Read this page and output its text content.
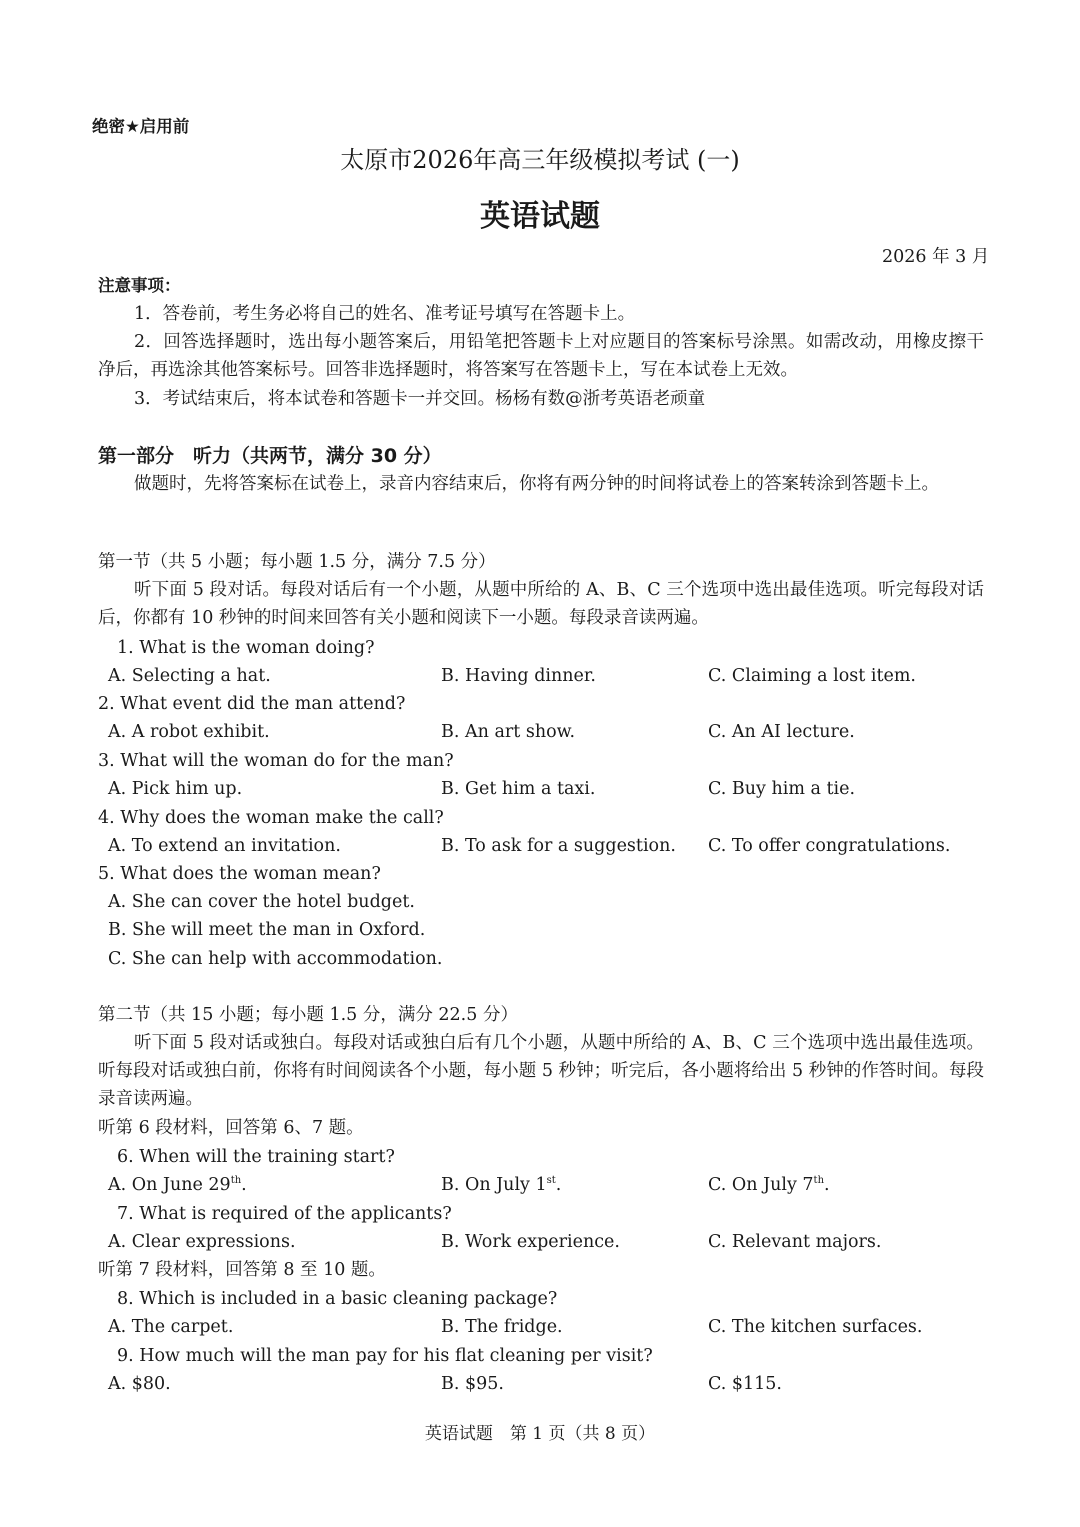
绝密★启用前
太原市2026年高三年级模拟考试 (一)
英语试题
2026 年 3 月
注意事项：
1．答卷前，考生务必将自己的姓名、准考证号填写在答题卡上。
2．回答选择题时，选出每小题答案后，用铅笔把答题卡上对应题目的答案标号涂黑。如需改动，用橡皮擦干净后，再选涂其他答案标号。回答非选择题时，将答案写在答题卡上，写在本试卷上无效。
3．考试结束后，将本试卷和答题卡一并交回。杨杨有数@浙考英语老顽童
第一部分　听力（共两节，满分 30 分）
做题时，先将答案标在试卷上，录音内容结束后，你将有两分钟的时间将试卷上的答案转涂到答题卡上。
第一节（共 5 小题；每小题 1.5 分，满分 7.5 分）
听下面 5 段对话。每段对话后有一个小题，从题中所给的 A、B、C 三个选项中选出最佳选项。听完每段对话后，你都有 10 秒钟的时间来回答有关小题和阅读下一小题。每段录音读两遍。
1. What is the woman doing?
A. Selecting a hat.	B. Having dinner.	C. Claiming a lost item.
2. What event did the man attend?
A. A robot exhibit.	B. An art show.	C. An AI lecture.
3. What will the woman do for the man?
A. Pick him up.	B. Get him a taxi.	C. Buy him a tie.
4. Why does the woman make the call?
A. To extend an invitation.	B. To ask for a suggestion. C. To offer congratulations.
5. What does the woman mean?
A. She can cover the hotel budget.
B. She will meet the man in Oxford.
C. She can help with accommodation.
第二节（共 15 小题；每小题 1.5 分，满分 22.5 分）
听下面 5 段对话或独白。每段对话或独白后有几个小题，从题中所给的 A、B、C 三个选项中选出最佳选项。听每段对话或独白前，你将有时间阅读各个小题，每小题 5 秒钟；听完后，各小题将给出 5 秒钟的作答时间。每段录音读两遍。
听第 6 段材料，回答第 6、7 题。
6. When will the training start?
A. On June 29th.	B. On July 1st.	C. On July 7th.
7. What is required of the applicants?
A. Clear expressions.	B. Work experience.	C. Relevant majors.
听第 7 段材料，回答第 8 至 10 题。
8. Which is included in a basic cleaning package?
A. The carpet.	B. The fridge.	C. The kitchen surfaces.
9. How much will the man pay for his flat cleaning per visit?
A. $80.	B. $95.	C. $115.
英语试题　第 1 页（共 8 页）
